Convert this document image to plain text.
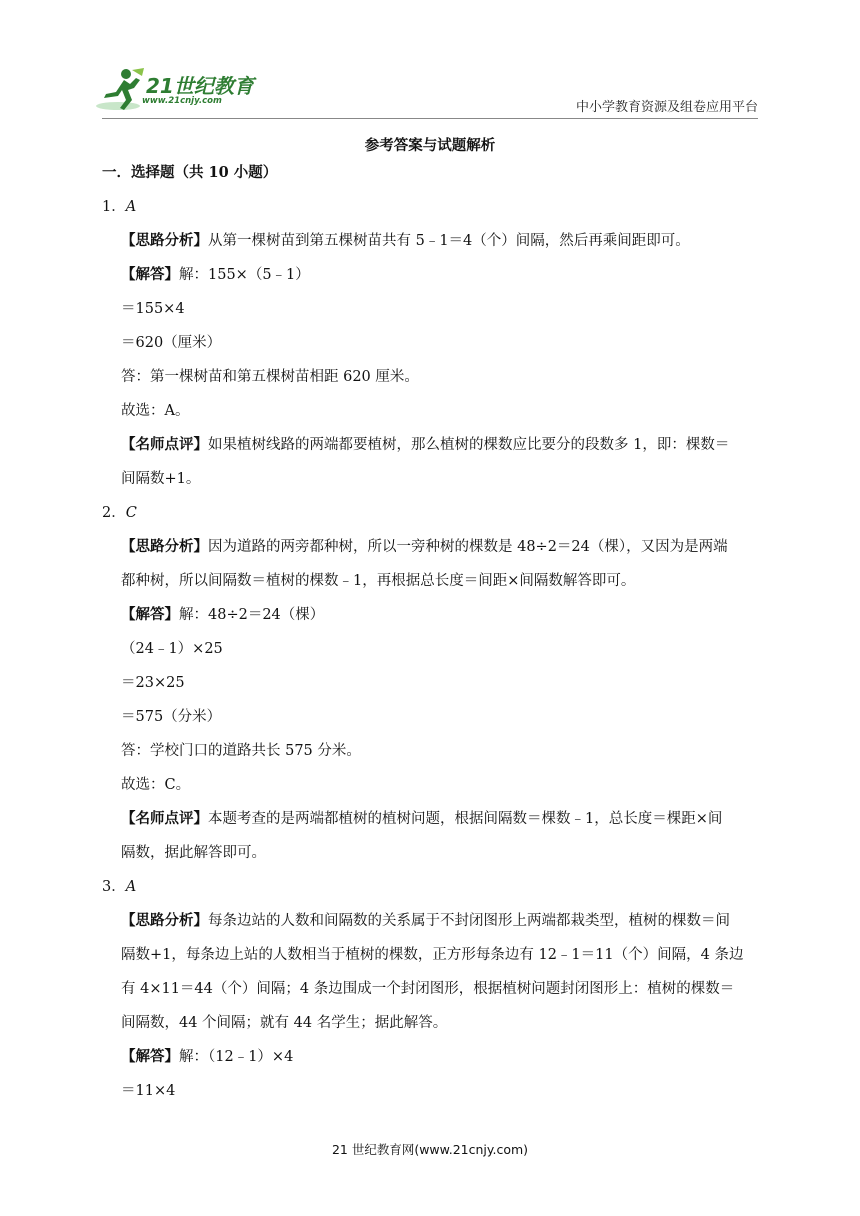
21世纪教育
www.21cnjy.com	中小学教育资源及组卷应用平台
参考答案与试题解析
一．选择题（共 10 小题）
1．A
【思路分析】从第一棵树苗到第五棵树苗共有 5﹣1＝4（个）间隔，然后再乘间距即可。
【解答】解：155×（5﹣1）
＝155×4
＝620（厘米）
答：第一棵树苗和第五棵树苗相距 620 厘米。
故选：A。
【名师点评】如果植树线路的两端都要植树，那么植树的棵数应比要分的段数多 1，即：棵数＝
间隔数+1。
2．C
【思路分析】因为道路的两旁都种树，所以一旁种树的棵数是 48÷2＝24（棵），又因为是两端
都种树，所以间隔数＝植树的棵数﹣1，再根据总长度＝间距×间隔数解答即可。
【解答】解：48÷2＝24（棵）
（24﹣1）×25
＝23×25
＝575（分米）
答：学校门口的道路共长 575 分米。
故选：C。
【名师点评】本题考查的是两端都植树的植树问题，根据间隔数＝棵数﹣1，总长度＝棵距×间
隔数，据此解答即可。
3．A
【思路分析】每条边站的人数和间隔数的关系属于不封闭图形上两端都栽类型，植树的棵数＝间
隔数+1，每条边上站的人数相当于植树的棵数，正方形每条边有 12﹣1＝11（个）间隔，4 条边
有 4×11＝44（个）间隔；4 条边围成一个封闭图形，根据植树问题封闭图形上：植树的棵数＝
间隔数，44 个间隔；就有 44 名学生；据此解答。
【解答】解：（12﹣1）×4
＝11×4
21 世纪教育网(www.21cnjy.com)
